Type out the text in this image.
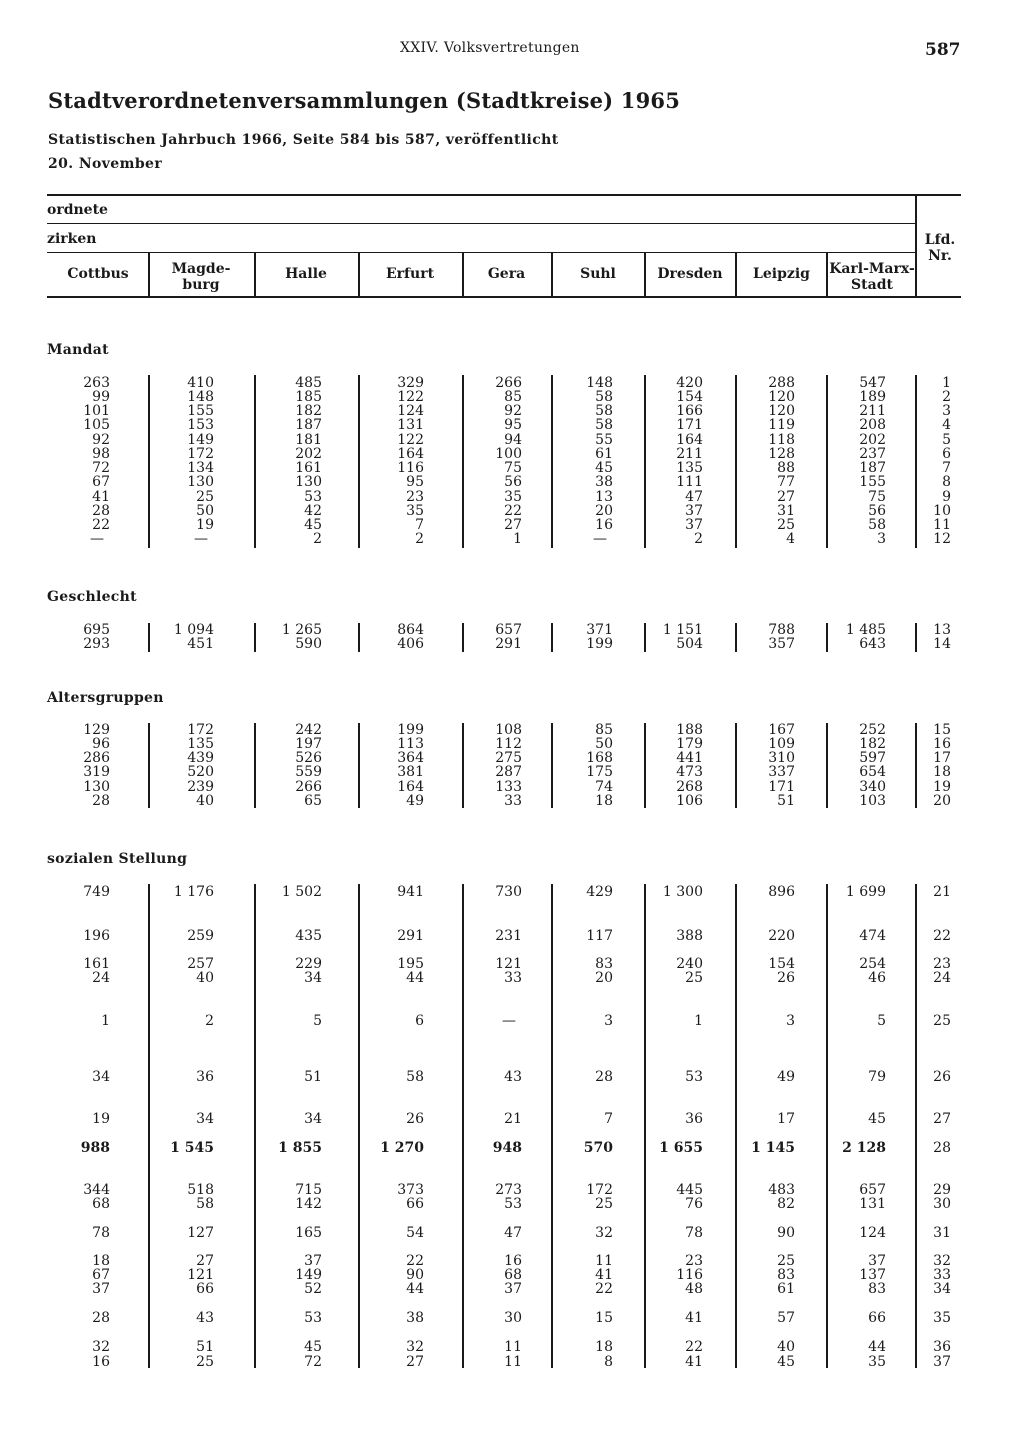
XXIV. Volksvertretungen	587
Stadtverordnetenversammlungen (Stadtkreise) 1965
Statistischen Jahrbuch 1966, Seite 584 bis 587, veröffentlicht
20. November
ordnete
zirken	Lfd.
Nr.
Cottbus	Magde-
burg
Halle	Erfurt	Gera	Suhl	Dresden	Leipzig	Karl-Marx-
Stadt
Mandat
263	410	485	329	266	148	420	288	547	1
99	148	185	122	85	58	154	120	189	2
101	155	182	124	92	58	166	120	211	3
105	153	187	131	95	58	171	119	208	4
92	149	181	122	94	55	164	118	202	5
98	172	202	164	100	61	211	128	237	6
72	134	161	116	75	45	135	88	187	7
67	130	130	95	56	38	111	77	155	8
41	25	53	23	35	13	47	27	75	9
28	50	42	35	22	20	37	31	56	10
22	19	45	7	27	16	37	25	58	11
—	—	2	2	1	—	2	4	3	12
Geschlecht
695	1 094	1 265	864	657	371	1 151	788	1 485	13
293	451	590	406	291	199	504	357	643	14
Altersgruppen
129	172	242	199	108	85	188	167	252	15
96	135	197	113	112	50	179	109	182	16
286	439	526	364	275	168	441	310	597	17
319	520	559	381	287	175	473	337	654	18
130	239	266	164	133	74	268	171	340	19
28	40	65	49	33	18	106	51	103	20
sozialen Stellung
749	1 176	1 502	941	730	429	1 300	896	1 699	21
196	259	435	291	231	117	388	220	474	22
161	257	229	195	121	83	240	154	254	23
24	40	34	44	33	20	25	26	46	24
1	2	5	6	—	3	1	3	5	25
34	36	51	58	43	28	53	49	79	26
19	34	34	26	21	7	36	17	45	27
988	1 545	1 855	1 270	948	570	1 655	1 145	2 128	28
344	518	715	373	273	172	445	483	657	29
68	58	142	66	53	25	76	82	131	30
78	127	165	54	47	32	78	90	124	31
18	27	37	22	16	11	23	25	37	32
67	121	149	90	68	41	116	83	137	33
37	66	52	44	37	22	48	61	83	34
28	43	53	38	30	15	41	57	66	35
32	51	45	32	11	18	22	40	44	36
16	25	72	27	11	8	41	45	35	37
